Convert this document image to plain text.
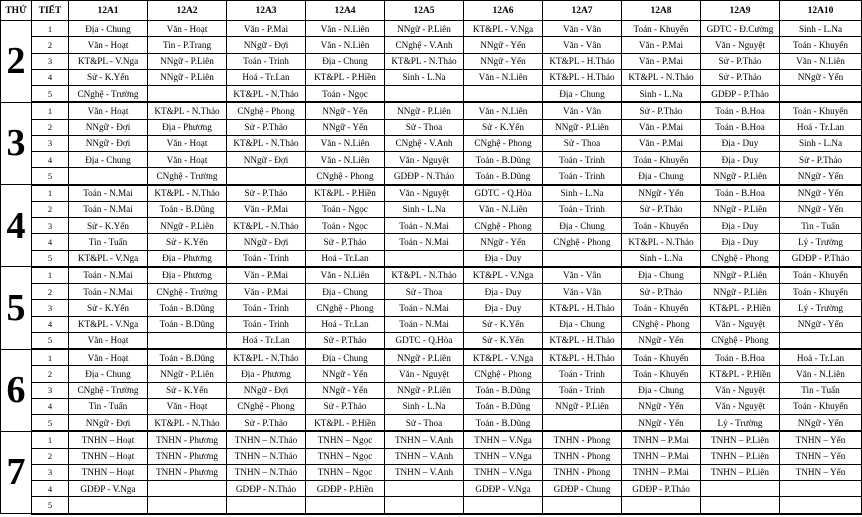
THỨ	TIẾT	12A1	12A2	12A3	12A4	12A5	12A6	12A7	12A8	12A9	12A10
2	1	Địa - Chung	Văn - Hoạt	Văn - P.Mai	Văn - N.Liên	NNgữ - P.Liên	KT&PL - V.Nga	Văn - Vân	Toán - Khuyến	GDTC - Đ.Cường	Sinh - L.Na
	2	Văn - Hoạt	Tin - P.Trang	NNgữ - Đợi	Văn - N.Liên	CNghệ - V.Anh	NNgữ - Yến	Văn - Vân	Văn - P.Mai	Văn - Nguyệt	Toán - Khuyến
	3	KT&PL - V.Nga	NNgữ - P.Liên	Toán - Trinh	Địa - Chung	KT&PL - N.Thảo	NNgữ - Yến	KT&PL - H.Thảo	Văn - P.Mai	Sử - P.Thảo	Văn - N.Liên
	4	Sử - K.Yến	NNgữ - P.Liên	Hoá - Tr.Lan	KT&PL - P.Hiền	Sinh - L.Na	Văn - N.Liên	KT&PL - H.Thảo	KT&PL - N.Thảo	Sử - P.Thảo	NNgữ - Yến
	5	CNghệ - Trường		KT&PL - N.Thảo	Toán - Ngọc			Địa - Chung	Sinh - L.Na	GDĐP - P.Thảo	
3	1	Văn - Hoạt	KT&PL - N.Thảo	CNghệ - Phong	NNgữ - Yến	NNgữ - P.Liên	Văn - N.Liên	Văn - Vân	Sử - P.Thảo	Toán - B.Hoa	Toán - Khuyến
	2	NNgữ - Đợi	Địa - Phương	Sử - P.Thảo	NNgữ - Yến	Sử - Thoa	Sử - K.Yến	NNgữ - P.Liên	Văn - P.Mai	Toán - B.Hoa	Hoá - Tr.Lan
	3	NNgữ - Đợi	Văn - Hoạt	KT&PL - N.Thảo	Văn - N.Liên	CNghệ - V.Anh	CNghệ - Phong	Sử - Thoa	Văn - P.Mai	Địa - Duy	Sinh - L.Na
	4	Địa - Chung	Văn - Hoạt	NNgữ - Đợi	Văn - N.Liên	Văn - Nguyệt	Toán - B.Dũng	Toán - Trinh	Toán - Khuyến	Địa - Duy	Sử - P.Thảo
	5		CNghệ - Trường		CNghệ - Phong	GDĐP - N.Thảo	Toán - B.Dũng	Toán - Trinh	Địa - Chung	NNgữ - P.Liên	NNgữ - Yến
4	1	Toán - N.Mai	KT&PL - N.Thảo	Sử - P.Thảo	KT&PL - P.Hiền	Văn - Nguyệt	GDTC - Q.Hòa	Sinh - L.Na	NNgữ - Yến	Toán - B.Hoa	NNgữ - Yến
	2	Toán - N.Mai	Toán - B.Dũng	Văn - P.Mai	Toán - Ngọc	Sinh - L.Na	Văn - N.Liên	Toán - Trinh	Sử - P.Thảo	NNgữ - P.Liên	NNgữ - Yến
	3	Sử - K.Yến	NNgữ - P.Liên	KT&PL - N.Thảo	Toán - Ngọc	Toán - N.Mai	CNghệ - Phong	Địa - Chung	Toán - Khuyến	Địa - Duy	Tin - Tuấn
	4	Tin - Tuấn	Sử - K.Yến	NNgữ - Đợi	Sử - P.Thảo	Toán - N.Mai	NNgữ - Yến	CNghệ - Phong	KT&PL - N.Thảo	Địa - Duy	Lý - Trường
	5	KT&PL - V.Nga	Địa - Phương	Toán - Trinh	Hoá - Tr.Lan		Địa - Duy		Sinh - L.Na	CNghệ - Phong	GDĐP - P.Thảo
5	1	Toán - N.Mai	Địa - Phương	Văn - P.Mai	Văn - N.Liên	KT&PL - N.Thảo	KT&PL - V.Nga	Văn - Vân	Địa - Chung	NNgữ - P.Liên	Toán - Khuyến
	2	Toán - N.Mai	CNghệ - Trường	Văn - P.Mai	Địa - Chung	Sử - Thoa	Địa - Duy	Văn - Vân	Sử - P.Thảo	NNgữ - P.Liên	Toán - Khuyến
	3	Sử - K.Yến	Toán - B.Dũng	Toán - Trinh	CNghệ - Phong	Toán - N.Mai	Địa - Duy	KT&PL - H.Thảo	Toán - Khuyến	KT&PL - P.Hiền	Lý - Trường
	4	KT&PL - V.Nga	Toán - B.Dũng	Toán - Trinh	Hoá - Tr.Lan	Toán - N.Mai	Sử - K.Yến	Địa - Chung	CNghệ - Phong	Văn - Nguyệt	NNgữ - Yến
	5	Văn - Hoạt		Hoá - Tr.Lan	Sử - P.Thảo	GDTC - Q.Hòa	Sử - K.Yến	KT&PL - H.Thảo	NNgữ - Yến	CNghệ - Phong	
6	1	Văn - Hoạt	Toán - B.Dũng	KT&PL - N.Thảo	Địa - Chung	NNgữ - P.Liên	KT&PL - V.Nga	KT&PL - H.Thảo	Toán - Khuyến	Toán - B.Hoa	Hoá - Tr.Lan
	2	Địa - Chung	NNgữ - P.Liên	Địa - Phương	NNgữ - Yến	Văn - Nguyệt	CNghệ - Phong	Toán - Trinh	Toán - Khuyến	KT&PL - P.Hiền	Văn - N.Liên
	3	CNghệ - Trường	Sử - K.Yến	NNgữ - Đợi	NNgữ - Yến	NNgữ - P.Liên	Toán - B.Dũng	Toán - Trinh	Địa - Chung	Văn - Nguyệt	Tin - Tuấn
	4	Tin - Tuấn	Văn - Hoạt	CNghệ - Phong	Sử - P.Thảo	Sinh - L.Na	Toán - B.Dũng	NNgữ - P.Liên	NNgữ - Yến	Văn - Nguyệt	Toán - Khuyến
	5	NNgữ - Đợi	KT&PL - N.Thảo	Sử - P.Thảo	KT&PL - P.Hiền	Sử - Thoa	Toán - B.Dũng		NNgữ - Yến	Lý - Trường	NNgữ - Yến
7	1	TNHN – Hoạt	TNHN - Phương	TNHN – N.Thảo	TNHN – Ngọc	TNHN – V.Anh	TNHN – V.Nga	TNHN - Phong	TNHN – P.Mai	TNHN – P.Liên	TNHN – Yến
	2	TNHN – Hoạt	TNHN - Phương	TNHN – N.Thảo	TNHN – Ngọc	TNHN – V.Anh	TNHN – V.Nga	TNHN - Phong	TNHN – P.Mai	TNHN – P.Liên	TNHN – Yến
	3	TNHN – Hoạt	TNHN - Phương	TNHN – N.Thảo	TNHN – Ngọc	TNHN – V.Anh	TNHN – V.Nga	TNHN - Phong	TNHN – P.Mai	TNHN – P.Liên	TNHN – Yến
	4	GDĐP - V.Nga		GDĐP - N.Thảo	GDĐP - P.Hiền		GDĐP - V.Nga	GDĐP - Chung	GDĐP - P.Thảo		
	5										
